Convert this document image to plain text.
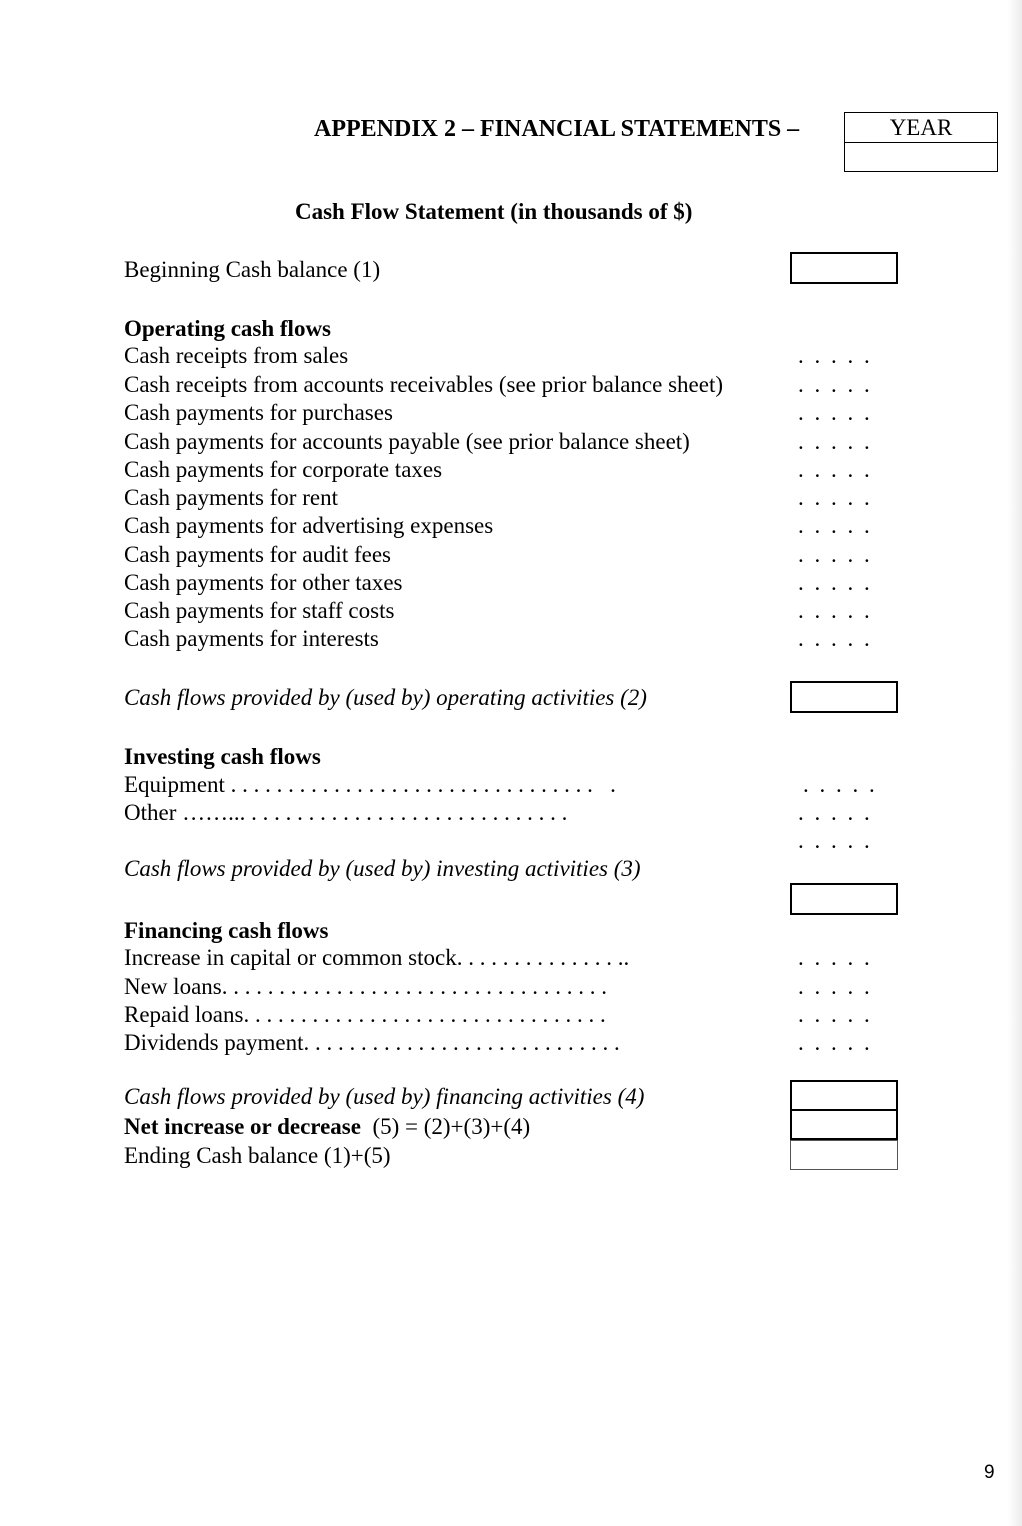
APPENDIX 2 – FINANCIAL STATEMENTS –	YEAR
Cash Flow Statement (in thousands of $)
Beginning Cash balance (1)
Operating cash flows
Cash receipts from sales
Cash receipts from accounts receivables (see prior balance sheet)
Cash payments for purchases
Cash payments for accounts payable (see prior balance sheet)
Cash payments for corporate taxes
Cash payments for rent
Cash payments for advertising expenses
Cash payments for audit fees
Cash payments for other taxes
Cash payments for staff costs
Cash payments for interests
. . . . .
. . . . .
. . . . .
. . . . .
. . . . .
. . . . .
. . . . .
. . . . .
. . . . .
. . . . .
. . . . .
Cash flows provided by (used by) operating activities (2)
Investing cash flows
Equipment . . . . . . . . . . . . . . . . . . . . . . . . . . . . . . . .   .
Other ……... . . . . . . . . . . . . . . . . . . . . . . . . . . . .
. . . . .
. . . . .
. . . . .
Cash flows provided by (used by) investing activities (3)
Financing cash flows
Increase in capital or common stock. . . . . . . . . . . . . . ..
New loans. . . . . . . . . . . . . . . . . . . . . . . . . . . . . . . . . .
Repaid loans. . . . . . . . . . . . . . . . . . . . . . . . . . . . . . . .
Dividends payment. . . . . . . . . . . . . . . . . . . . . . . . . . . .
. . . . .
. . . . .
. . . . .
. . . . .
Cash flows provided by (used by) financing activities (4)
Net increase or decrease  (5) = (2)+(3)+(4)
Ending Cash balance (1)+(5)
9
